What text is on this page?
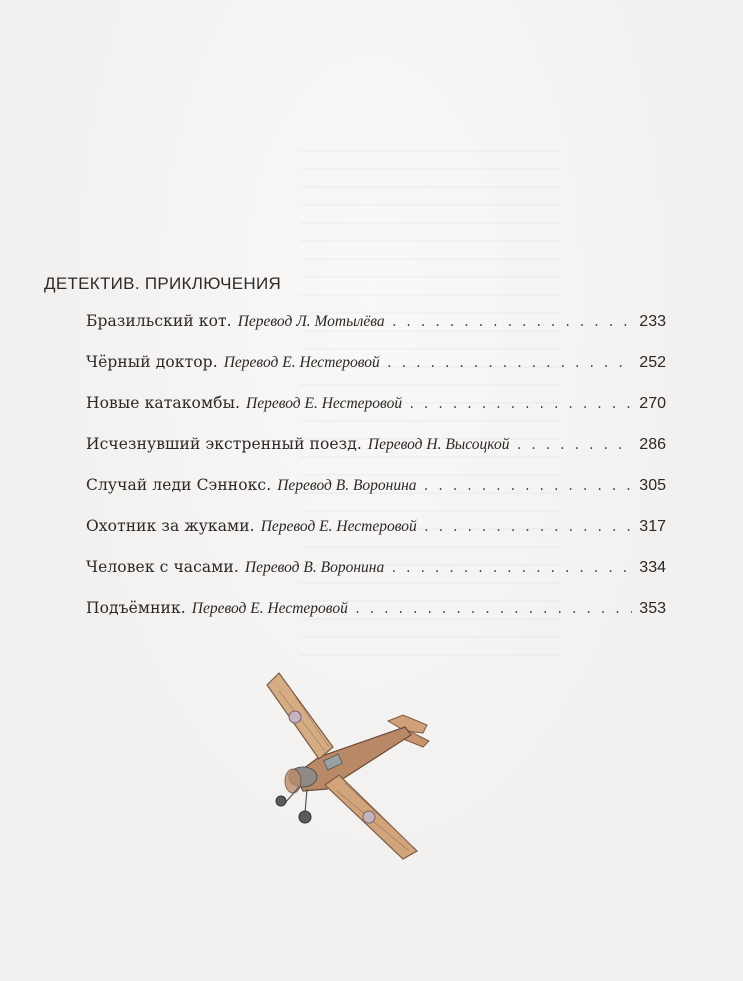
ДЕТЕКТИВ. ПРИКЛЮЧЕНИЯ
Бразильский кот. Перевод Л. Мотылёва . . .	233
Чёрный доктор. Перевод Е. Нестеровой . . .	252
Новые катакомбы. Перевод Е. Нестеровой . . .	270
Исчезнувший экстренный поезд. Перевод Н. Высоцкой . . .	286
Случай леди Сэннокс. Перевод В. Воронина . . .	305
Охотник за жуками. Перевод Е. Нестеровой . . .	317
Человек с часами. Перевод В. Воронина . . .	334
Подъёмник. Перевод Е. Нестеровой . . .	353
